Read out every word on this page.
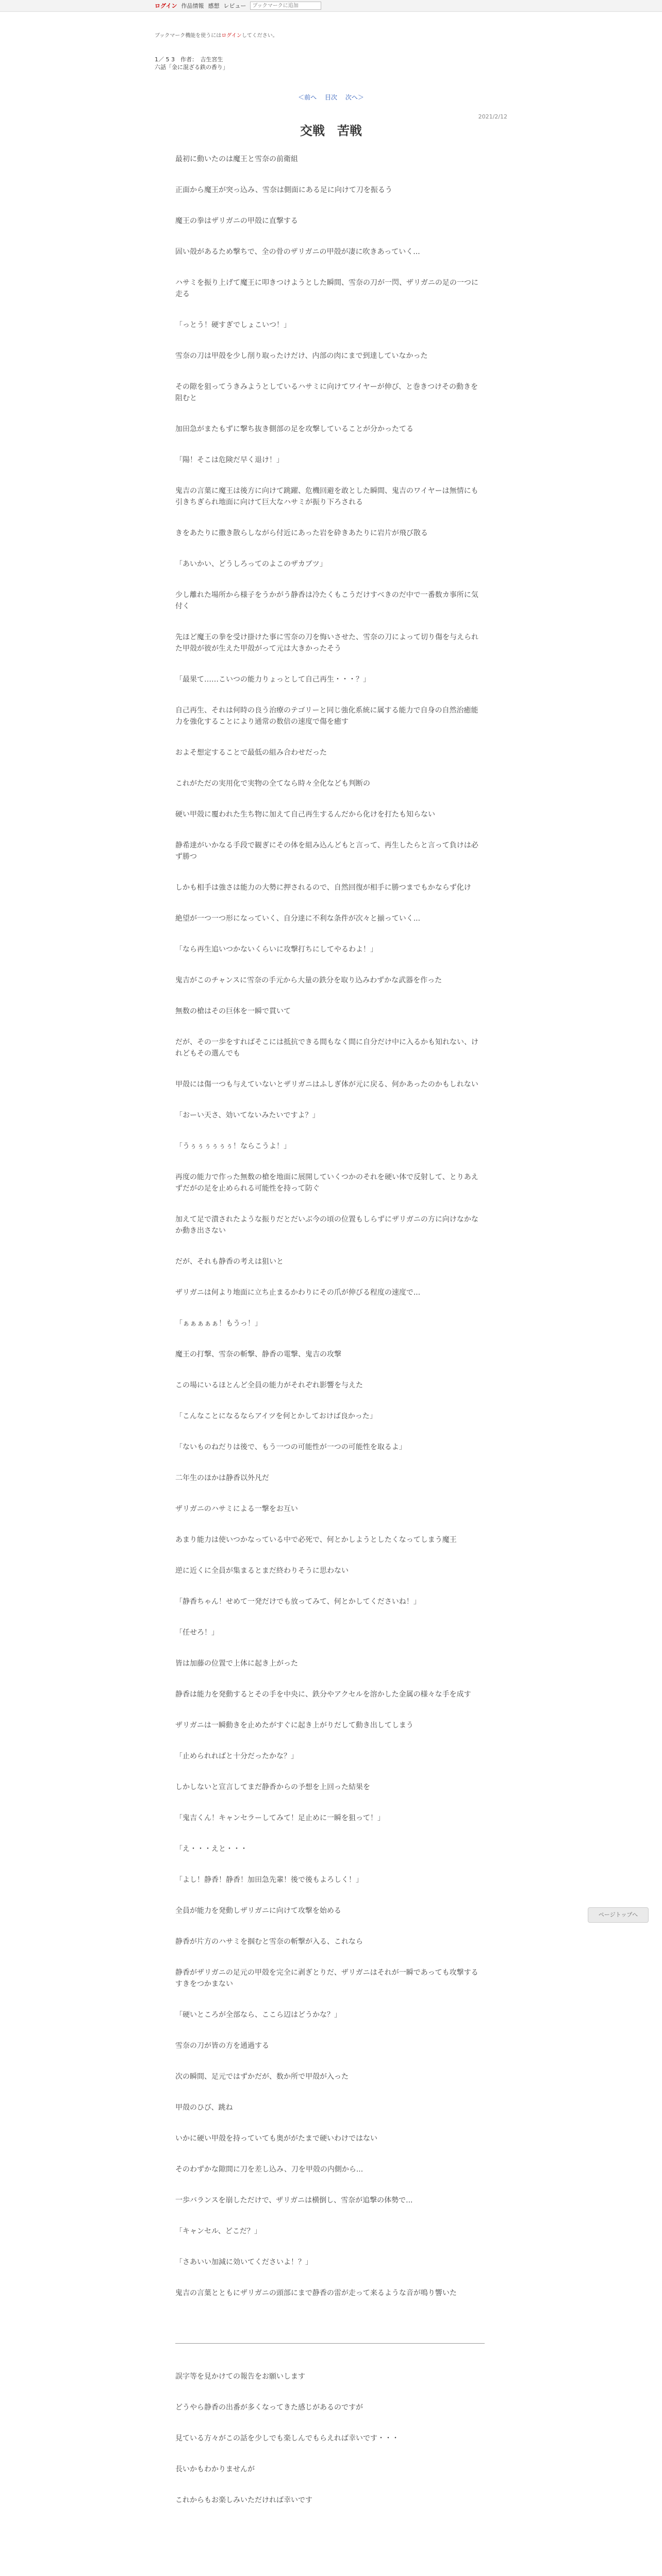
ログイン 作品情報 感想 レビュー
ブックマークに追加
ブックマーク機能を使うにはログインしてください。
1／ 5 3　作者：　吉生宮生
六話「金に混ざる鉄の香り」
＜前へ 目次 次へ＞
2021/2/12
交戦　苦戦

最初に動いたのは魔王と雪奈の前衛組

正面から魔王が突っ込み、雪奈は側面にある足に向けて刀を振るう

魔王の拳はザリガニの甲殻に直撃する

固い殻があるため撃ちで、全の骨のザリガニの甲殻が凄に吹きあっていく...

ハサミを振り上げて魔王に叩きつけようとした瞬間、雪奈の刀が一閃、ザリガニの足の一つに走る

「っとう！硬すぎでしょこいつ！」

雪奈の刀は甲殻を少し削り取ったけだけ、内部の肉にまで到達していなかった

その隙を狙ってうきみようとしているハサミに向けてワイヤーが伸び、と巻きつけその動きを阻むと

加田急がまたもずに撃ち抜き側部の足を攻撃していることが分かったてる

「陽！そこは危険だ早く退け！」

鬼吉の言葉に魔王は後方に向けて跳躍、危機回避を敢とした瞬間、鬼吉のワイヤーは無情にも引きちぎられ地面に向けて巨大なハサミが振り下ろされる

きをあたりに撒き散らしながら付近にあった岩を砕きあたりに岩片が飛び散る

「あいかい、どうしろってのよこのザカブツ」

少し離れた場所から様子をうかがう静香は冷たくもこうだけすべきのだ中で一番数カ事所に気付く

先ほど魔王の拳を受け掛けた事に雪奈の刀を悔いさせた、雪奈の刀によって切り傷を与えられた甲殻が彼が生えた甲殻がって元は大きかったそう

「最果て……こいつの能力りょっとして自己再生・・・？」

自己再生、それは何時の良う治療のテゴリーと同じ強化系統に属する能力で自身の自然治癒能力を強化することにより通常の数倍の速度で傷を癒す

およそ想定することで最低の組み合わせだった

これがただの実用化で実物の全てなら時々全化なども判断の

硬い甲殻に覆われた生ち物に加えて自己再生するんだから化けを打たも知らない

静希達がいかなる手段で観ぎにその体を組み込んどもと言って、再生したらと言って負けは必ず勝つ

しかも相手は強さは能力の大勢に押されるので、自然回復が相手に勝つまでもかならず化け

絶望が一つ一つ形になっていく、自分達に不利な条件が次々と揃っていく...

「なら再生追いつかないくらいに攻撃打ちにしてやるわよ！」

鬼吉がこのチャンスに雪奈の手元から大量の鉄分を取り込みわずかな武器を作った

無数の槍はその巨体を一瞬で貫いて

だが、その一歩をすればそこには抵抗できる間もなく間に自分だけ中に入るかも知れない、けれどもその選んでも

甲殻には傷一つも与えていないとザリガニはふしぎ体が元に戻る、何かあったのかもしれない

「おーい天さ、効いてないみたいですよ？」

「うぅぅぅぅぅぅ！ならこうよ！」

再度の能力で作った無数の槍を地面に展開していくつかのそれを硬い体で反射して、とりあえずだがの足を止められる可能性を持って防ぐ

加えて足で潰されたような振りだとだいぶ今の頃の位置もしらずにザリガニの方に向けなかなか動き出さない

だが、それも静香の考えは狙いと

ザリガニは何より地面に立ち止まるかわりにその爪が伸びる程度の速度で...

「ぁぁぁぁぁ！もうっ！」

魔王の打撃、雪奈の斬撃、静香の電撃、鬼吉の攻撃

この場にいるほとんど全員の能力がそれぞれ影響を与えた

「こんなことになるならアイツを何とかしておけば良かった」

「ないものねだりは後で、もう一つの可能性が一つの可能性を取るよ」

二年生のほかは静香以外凡だ

ザリガニのハサミによる一撃をお互い

あまり能力は使いつかなっている中で必死で、何とかしようとしたくなってしまう魔王

逆に近くに全員が集まるとまだ終わりそうに思わない

「静香ちゃん！せめて一発だけでも放ってみて、何とかしてくださいね！」

「任せろ！」

皆は加藤の位置で上体に起き上がった

静香は能力を発動するとその手を中央に、鉄分やアクセルを溶かした金属の様々な手を成す

ザリガニは一瞬動きを止めたがすぐに起き上がりだして動き出してしまう

「止められればと十分だったかな？」

しかしないと宣言してまだ静香からの予想を上回った結果を

「鬼吉くん！キャンセラーしてみて！足止めに一瞬を狙って！」

「え・・・えと・・・

「よし！静香！静香！加田急先輩！後で後もよろしく！」

全員が能力を発動しザリガニに向けて攻撃を始める

静香が片方のハサミを掴むと雪奈の斬撃が入る、これなら

静香がザリガニの足元の甲殻を完全に剥ぎとりだ、ザリガニはそれが一瞬であっても攻撃するすきをつかまない

「硬いところが全部なら、ここら辺はどうかな？」

雪奈の刀が皆の方を通過する

次の瞬間、足元ではずかだが、数か所で甲殻が入った

甲殻のひび、跳ね

いかに硬い甲殻を持っていても奥ががたまで硬いわけではない

そのわずかな隙間に刀を差し込み、刀を甲殻の内側から...

一歩バランスを崩しただけで、ザリガニは横倒し、雪奈が追撃の体勢で...

「キャンセル、どこだ？」

「さあいい加減に効いてくださいよ！？」

鬼吉の言葉とともにザリガニの頭部にまで静香の雷が走って来るような音が鳴り響いた

ページトップへ

誤字等を見かけての報告をお願いします

どうやら静香の出番が多くなってきた感じがあるのですが

見ている方々がこの話を少しでも楽しんでもらえれば幸いです・・・

長いかもわかりませんが

これからもお楽しみいただければ幸いです
